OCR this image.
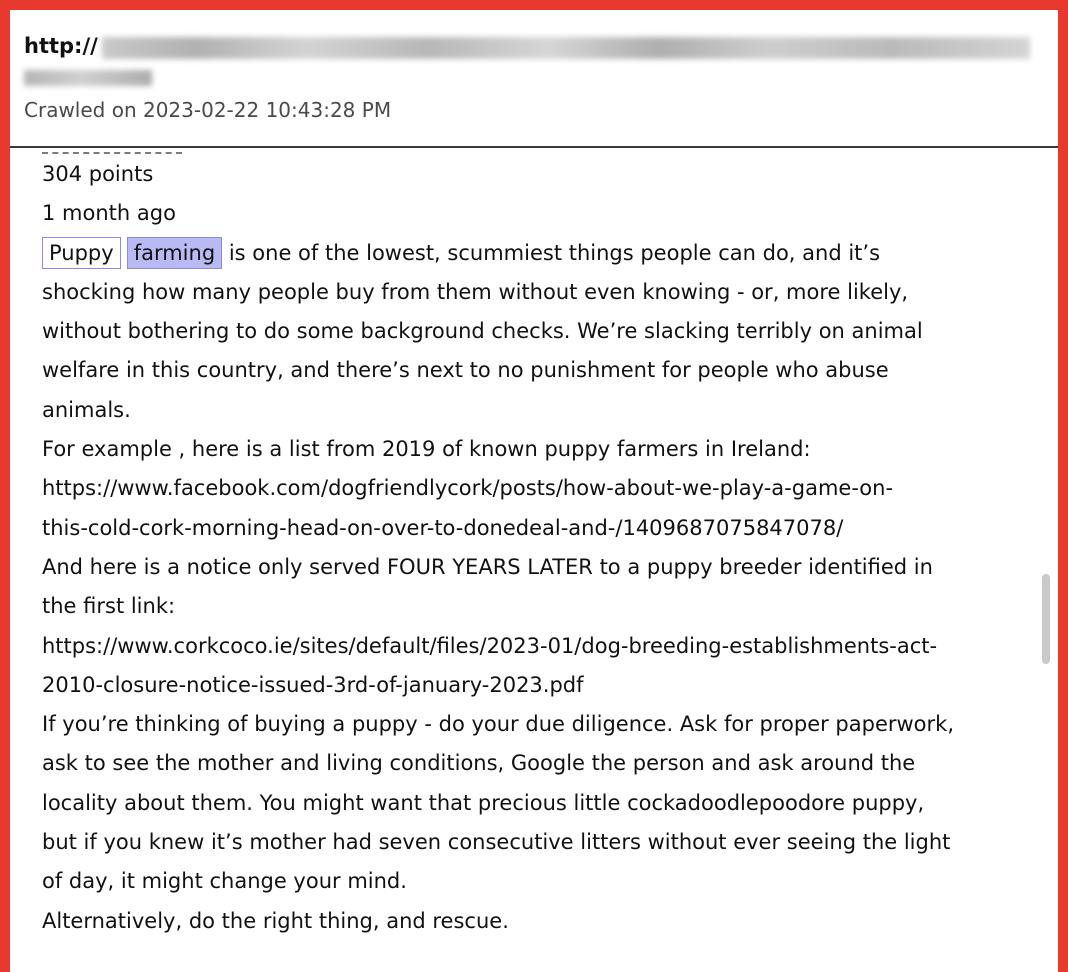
http://
Crawled on 2023-02-22 10:43:28 PM
304 points
1 month ago
Puppy farming is one of the lowest, scummiest things people can do, and it’s
shocking how many people buy from them without even knowing - or, more likely,
without bothering to do some background checks. We’re slacking terribly on animal
welfare in this country, and there’s next to no punishment for people who abuse
animals.
For example , here is a list from 2019 of known puppy farmers in Ireland:
https://www.facebook.com/dogfriendlycork/posts/how-about-we-play-a-game-on-
this-cold-cork-morning-head-on-over-to-donedeal-and-/1409687075847078/
And here is a notice only served FOUR YEARS LATER to a puppy breeder identified in
the first link:
https://www.corkcoco.ie/sites/default/files/2023-01/dog-breeding-establishments-act-
2010-closure-notice-issued-3rd-of-january-2023.pdf
If you’re thinking of buying a puppy - do your due diligence. Ask for proper paperwork,
ask to see the mother and living conditions, Google the person and ask around the
locality about them. You might want that precious little cockadoodlepoodore puppy,
but if you knew it’s mother had seven consecutive litters without ever seeing the light
of day, it might change your mind.
Alternatively, do the right thing, and rescue.
